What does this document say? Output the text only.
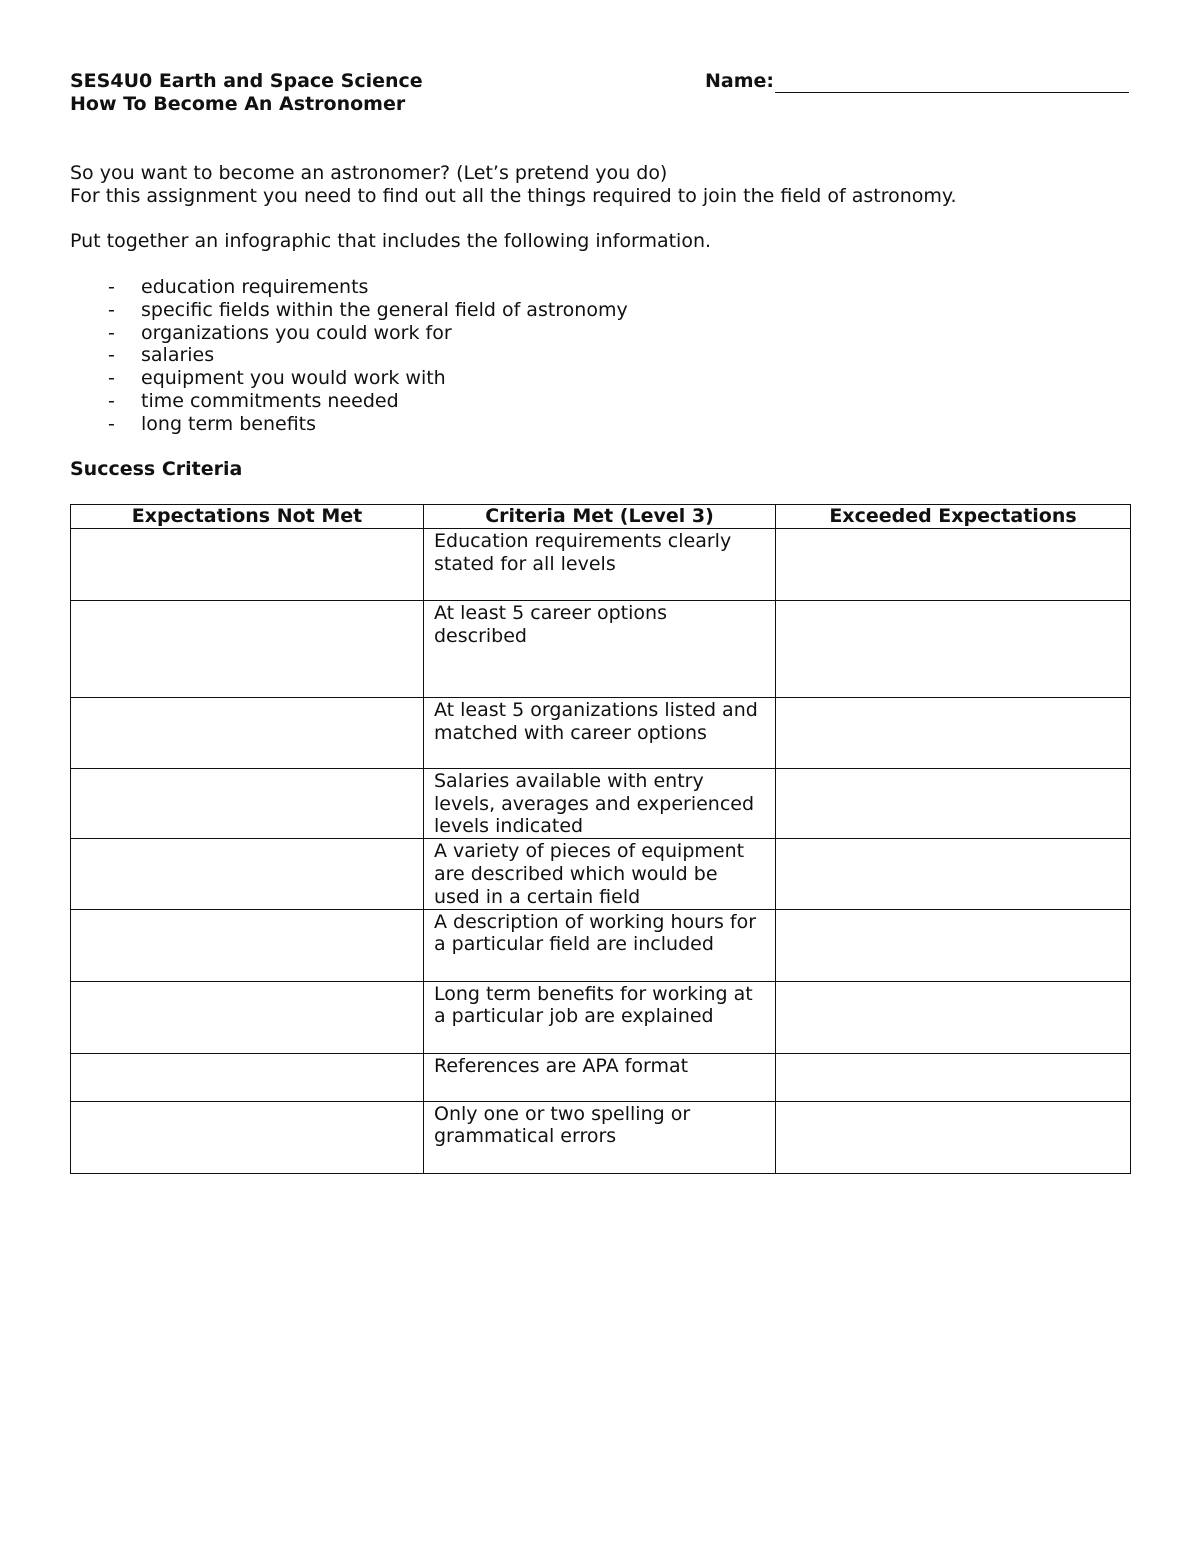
SES4U0 Earth and Space Science
How To Become An Astronomer
Name:

So you want to become an astronomer? (Let’s pretend you do)

For this assignment you need to find out all the things required to join the field of astronomy.

Put together an infographic that includes the following information.

- education requirements
- specific fields within the general field of astronomy
- organizations you could work for
- salaries
- equipment you would work with
- time commitments needed
- long term benefits

Success Criteria

Expectations Not Met	Criteria Met (Level 3)	Exceeded Expectations
	Education requirements clearly stated for all levels	
	At least 5 career options described	
	At least 5 organizations listed and matched with career options	
	Salaries available with entry levels, averages and experienced levels indicated	
	A variety of pieces of equipment are described which would be used in a certain field	
	A description of working hours for a particular field are included	
	Long term benefits for working at a particular job are explained	
	References are APA format	
	Only one or two spelling or grammatical errors	
